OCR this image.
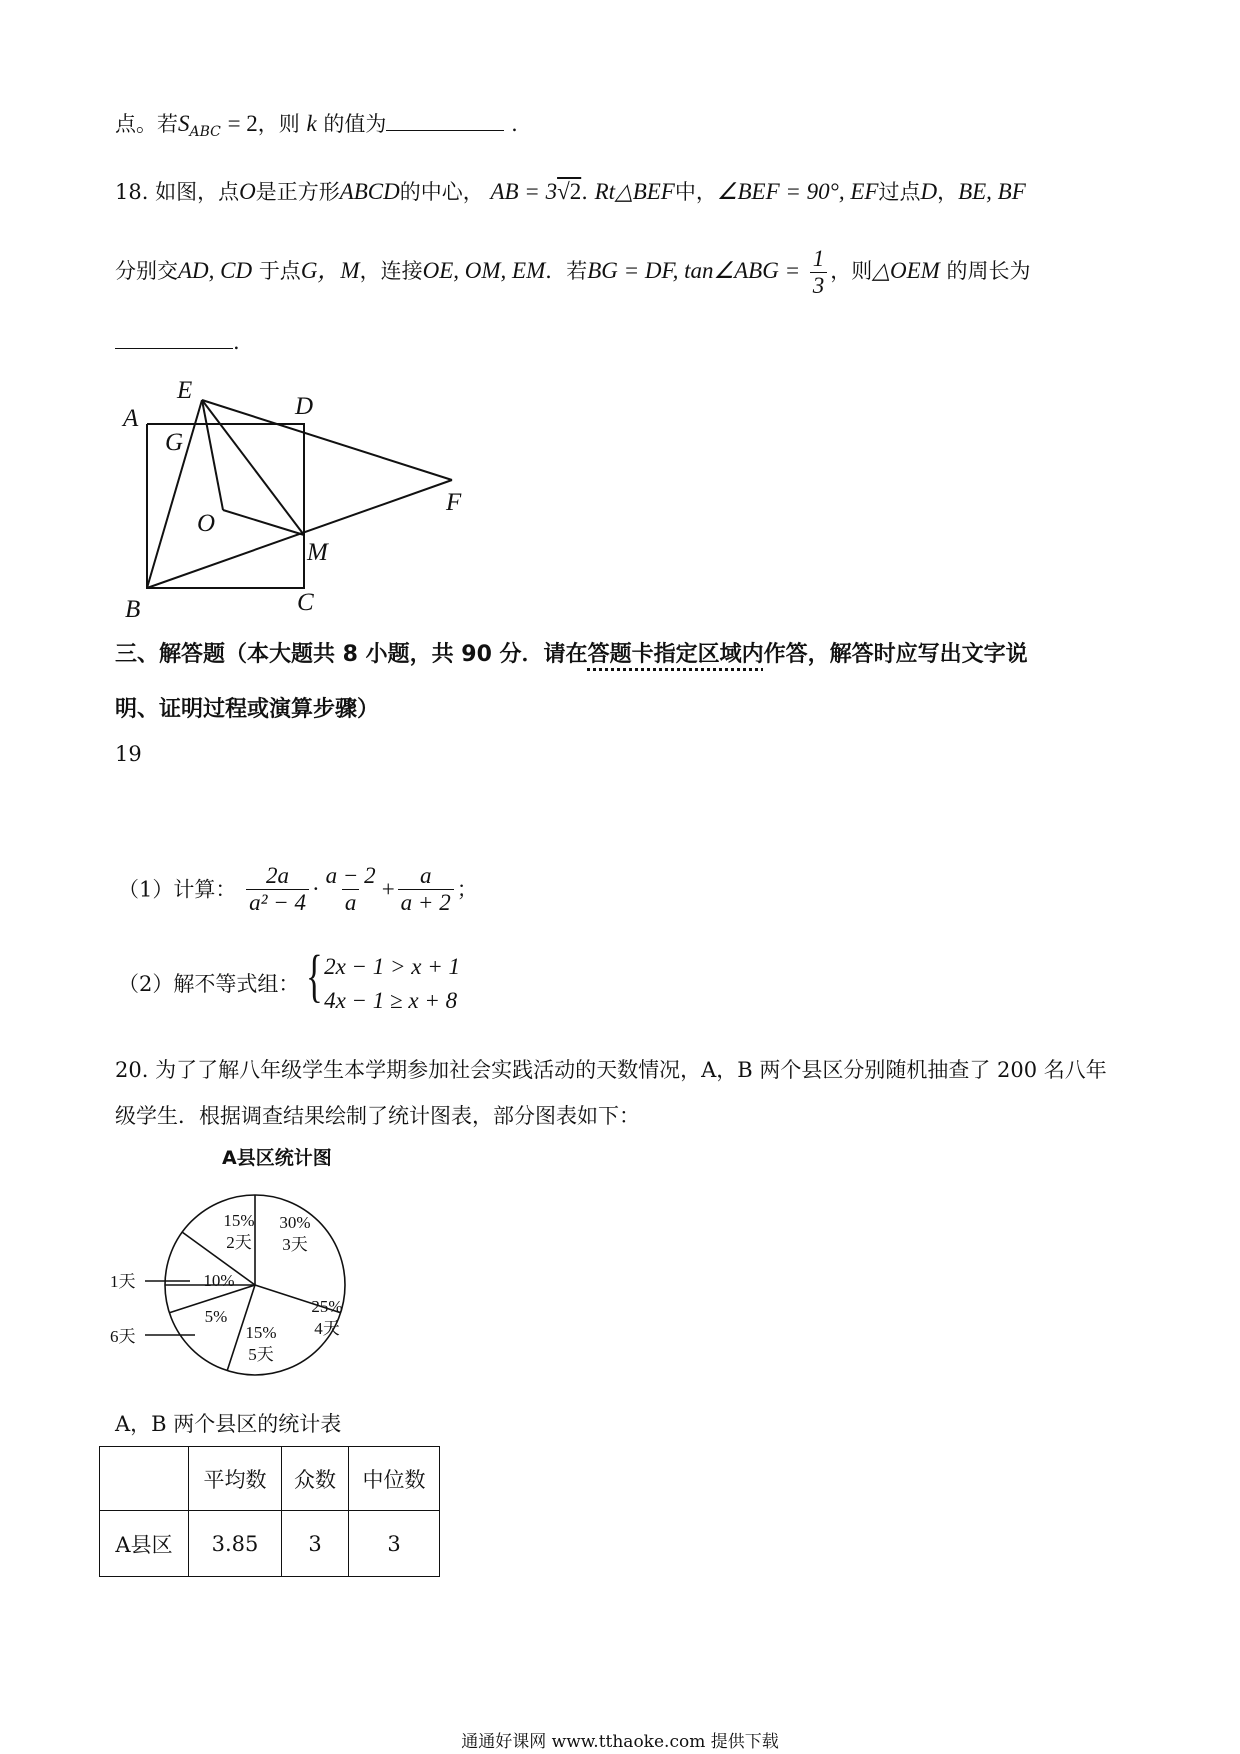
点。若$S_{ABC} = 2$，则 k 的值为	.
18. 如图，点O是正方形ABCD的中心， AB = 3√2. Rt△BEF中，∠BEF = 90°, EF过点D，BE, BF
分别交AD, CD 于点G，M，连接OE, OM, EM．若BG = DF, tan∠ABG = $\frac{1}{3}$ ，则△OEM 的周长为
.
E
D
A
G
O
F
M
B	C
三、解答题（本大题共 8 小题，共 90 分．请在答题卡指定区域内作答，解答时应写出文字说
明、证明过程或演算步骤）
19
（1）计算： $\frac{2a}{\text{a² − 4}} \cdot \frac{a - 2}{a} + \frac{a}{a + 2}$ ；
（2）解不等式组： { 2x − 1 > x + 1
4x − 1 ≥ x + 8
20. 为了了解八年级学生本学期参加社会实践活动的天数情况，A，B 两个县区分别随机抽查了 200 名八年
级学生．根据调查结果绘制了统计图表，部分图表如下：
A县区统计图
30%
3天
25%
4天
15%
5天
5%
10%
15%
2天
1天
6天
A，B 两个县区的统计表
	平均数	众数	中位数
A县区	3.85	3	3
通通好课网 www.tthaoke.com 提供下载
